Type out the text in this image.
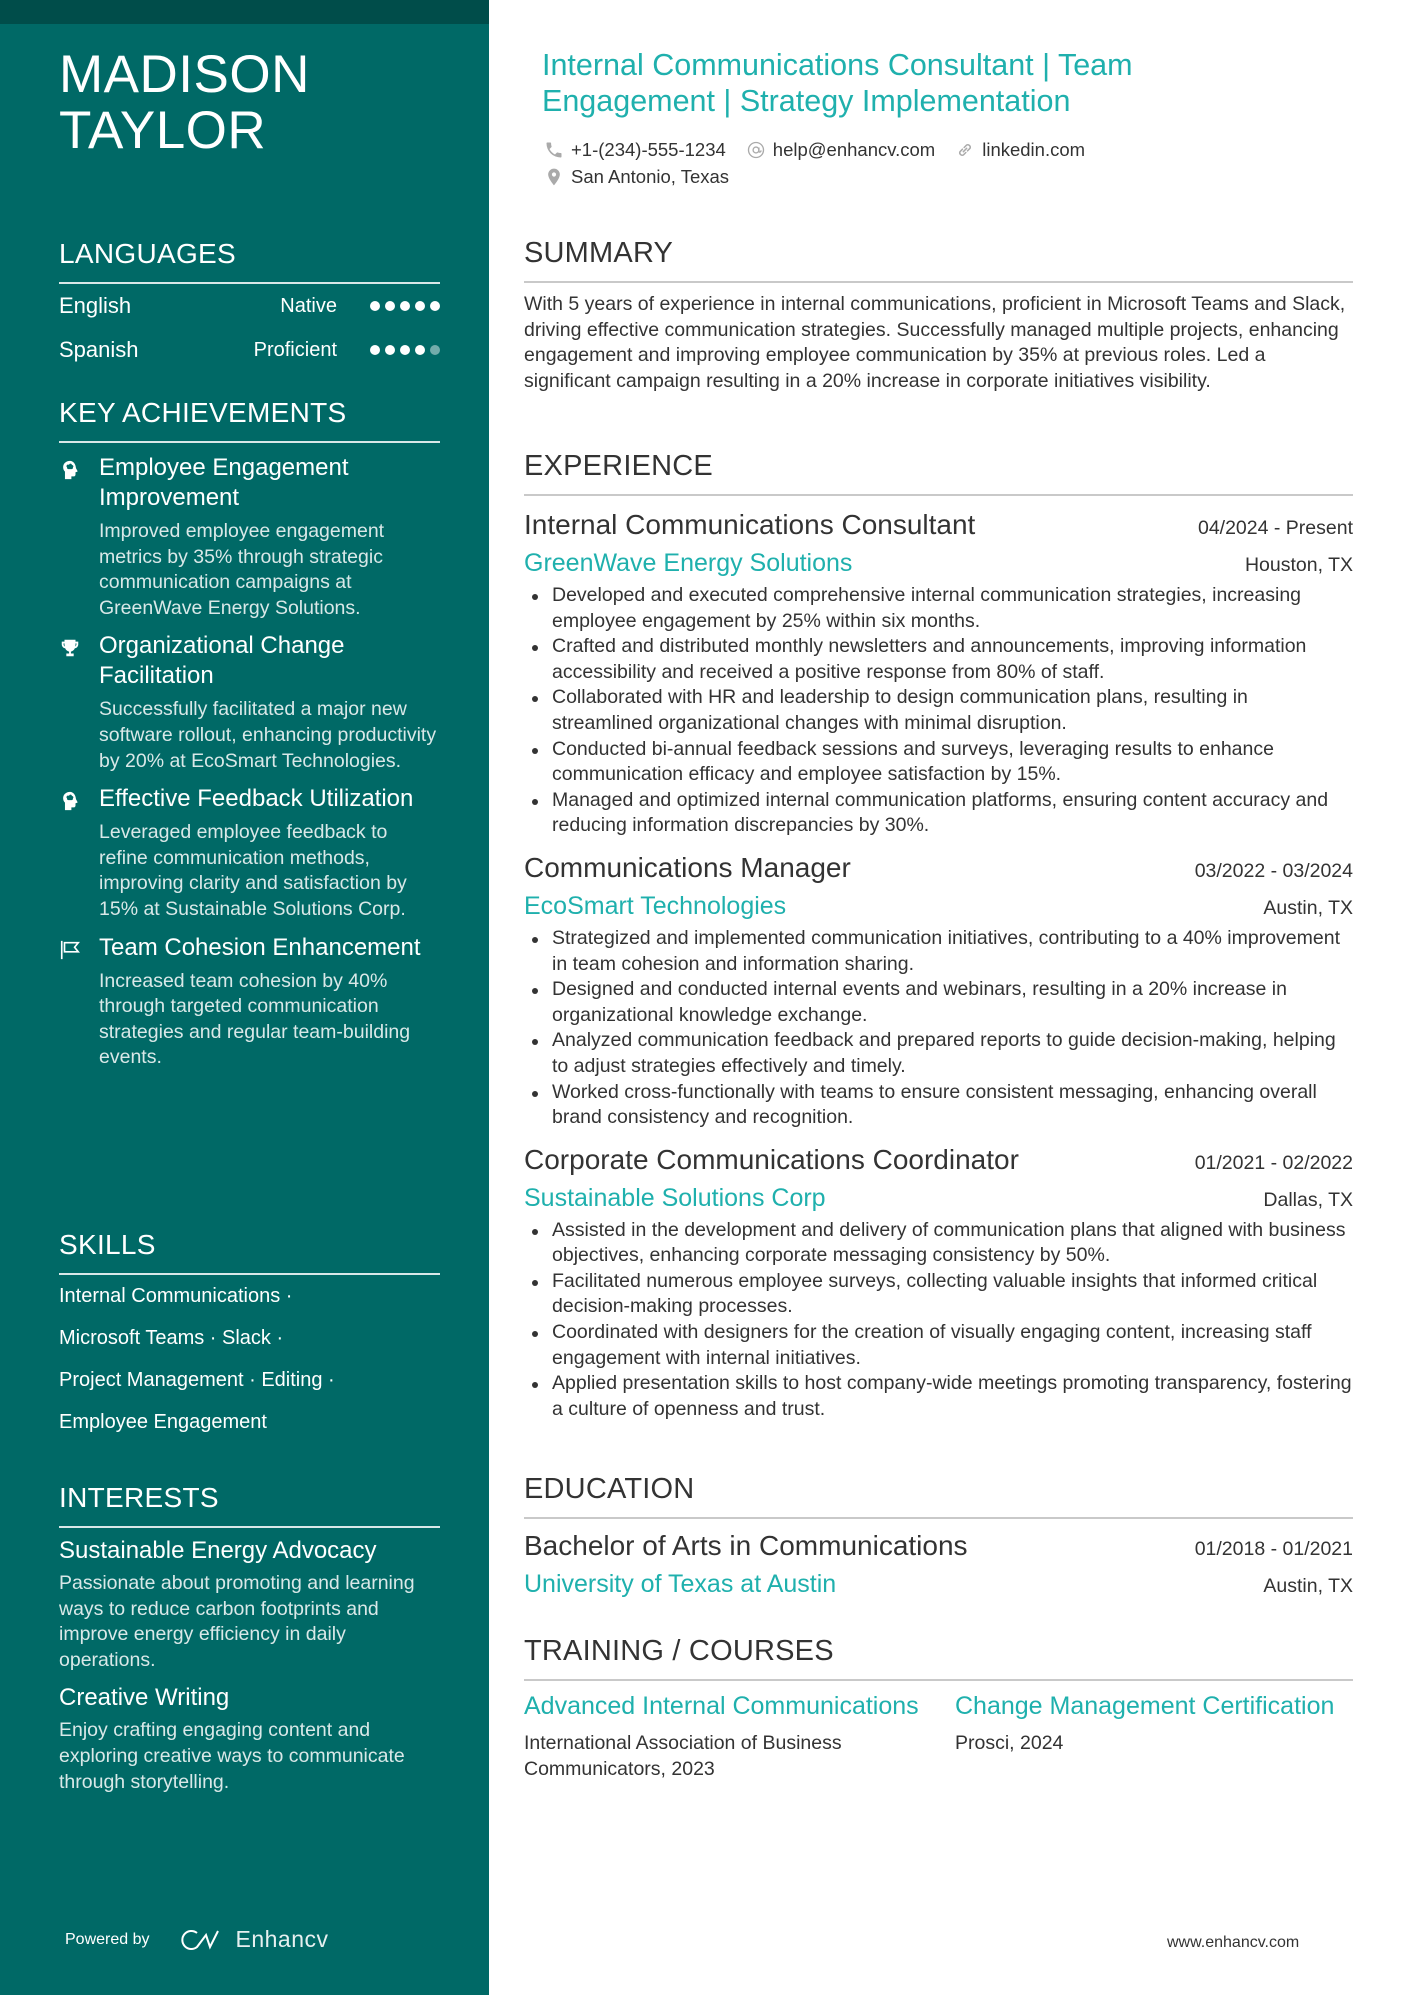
MADISON
TAYLOR
LANGUAGES
English	Native
Spanish	Proficient
KEY ACHIEVEMENTS
Employee Engagement Improvement
Improved employee engagement metrics by 35% through strategic communication campaigns at GreenWave Energy Solutions.
Organizational Change Facilitation
Successfully facilitated a major new software rollout, enhancing productivity by 20% at EcoSmart Technologies.
Effective Feedback Utilization
Leveraged employee feedback to refine communication methods, improving clarity and satisfaction by 15% at Sustainable Solutions Corp.
Team Cohesion Enhancement
Increased team cohesion by 40% through targeted communication strategies and regular team-building events.
SKILLS
Internal Communications ·
Microsoft Teams · Slack ·
Project Management · Editing ·
Employee Engagement
INTERESTS
Sustainable Energy Advocacy
Passionate about promoting and learning ways to reduce carbon footprints and improve energy efficiency in daily operations.
Creative Writing
Enjoy crafting engaging content and exploring creative ways to communicate through storytelling.
Powered by	Enhancv
Internal Communications Consultant | Team Engagement | Strategy Implementation
+1-(234)-555-1234	help@enhancv.com	linkedin.com
San Antonio, Texas
SUMMARY

With 5 years of experience in internal communications, proficient in Microsoft Teams and Slack, driving effective communication strategies. Successfully managed multiple projects, enhancing engagement and improving employee communication by 35% at previous roles. Led a significant campaign resulting in a 20% increase in corporate initiatives visibility.

EXPERIENCE
Internal Communications Consultant	04/2024 - Present
GreenWave Energy Solutions	Houston, TX
Developed and executed comprehensive internal communication strategies, increasing employee engagement by 25% within six months.
Crafted and distributed monthly newsletters and announcements, improving information accessibility and received a positive response from 80% of staff.
Collaborated with HR and leadership to design communication plans, resulting in streamlined organizational changes with minimal disruption.
Conducted bi-annual feedback sessions and surveys, leveraging results to enhance communication efficacy and employee satisfaction by 15%.
Managed and optimized internal communication platforms, ensuring content accuracy and reducing information discrepancies by 30%.
Communications Manager	03/2022 - 03/2024
EcoSmart Technologies	Austin, TX
Strategized and implemented communication initiatives, contributing to a 40% improvement in team cohesion and information sharing.
Designed and conducted internal events and webinars, resulting in a 20% increase in organizational knowledge exchange.
Analyzed communication feedback and prepared reports to guide decision-making, helping to adjust strategies effectively and timely.
Worked cross-functionally with teams to ensure consistent messaging, enhancing overall brand consistency and recognition.
Corporate Communications Coordinator	01/2021 - 02/2022
Sustainable Solutions Corp	Dallas, TX
Assisted in the development and delivery of communication plans that aligned with business objectives, enhancing corporate messaging consistency by 50%.
Facilitated numerous employee surveys, collecting valuable insights that informed critical decision-making processes.
Coordinated with designers for the creation of visually engaging content, increasing staff engagement with internal initiatives.
Applied presentation skills to host company-wide meetings promoting transparency, fostering a culture of openness and trust.
EDUCATION
Bachelor of Arts in Communications	01/2018 - 01/2021
University of Texas at Austin	Austin, TX
TRAINING / COURSES
Advanced Internal Communications
International Association of Business Communicators, 2023
Change Management Certification
Prosci, 2024
www.enhancv.com
